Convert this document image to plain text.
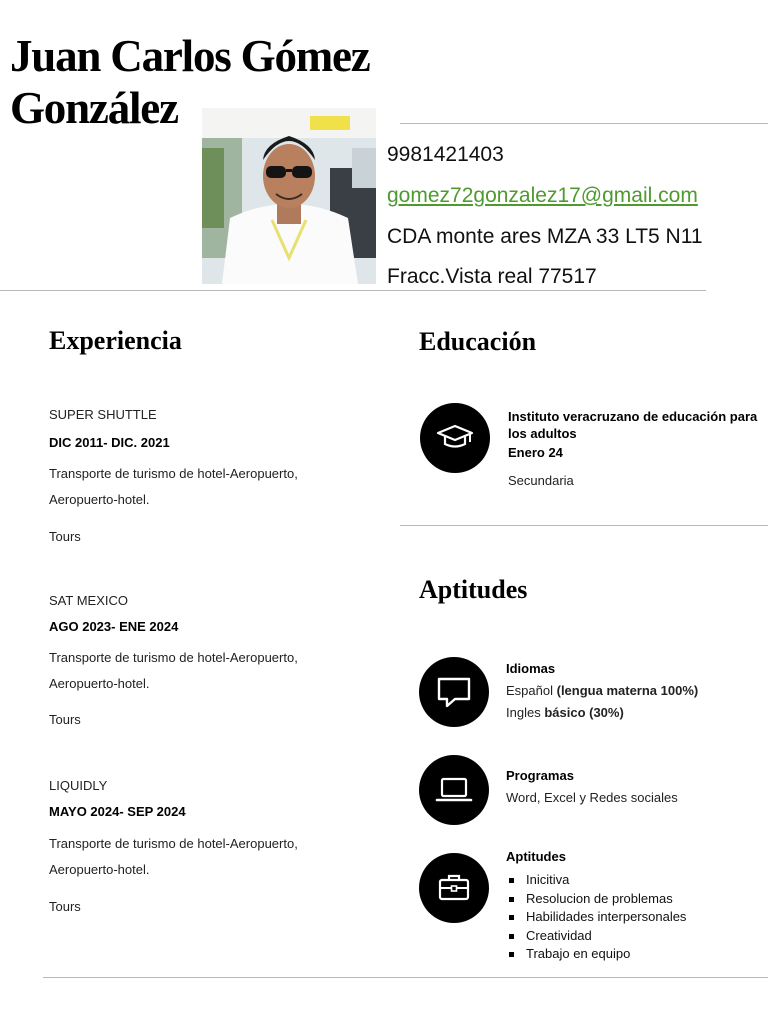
Juan Carlos Gómez
González
9981421403
gomez72gonzalez17@gmail.com
CDA monte ares MZA 33 LT5 N11
Fracc.Vista real 77517
Experiencia
SUPER SHUTTLE
DIC 2011- DIC. 2021
Transporte de turismo de hotel-Aeropuerto, Aeropuerto-hotel.
Tours
SAT MEXICO
AGO 2023- ENE 2024
Transporte de turismo de hotel-Aeropuerto, Aeropuerto-hotel.
Tours
LIQUIDLY
MAYO 2024- SEP 2024
Transporte de turismo de hotel-Aeropuerto, Aeropuerto-hotel.
Tours
Educación
Instituto veracruzano de educación para los adultos
Enero 24
Secundaria
Aptitudes
Idiomas
Español (lengua materna 100%)
Ingles básico (30%)
Programas
Word, Excel y Redes sociales
Aptitudes
Inicitiva
Resolucion de problemas
Habilidades interpersonales
Creatividad
Trabajo en equipo
